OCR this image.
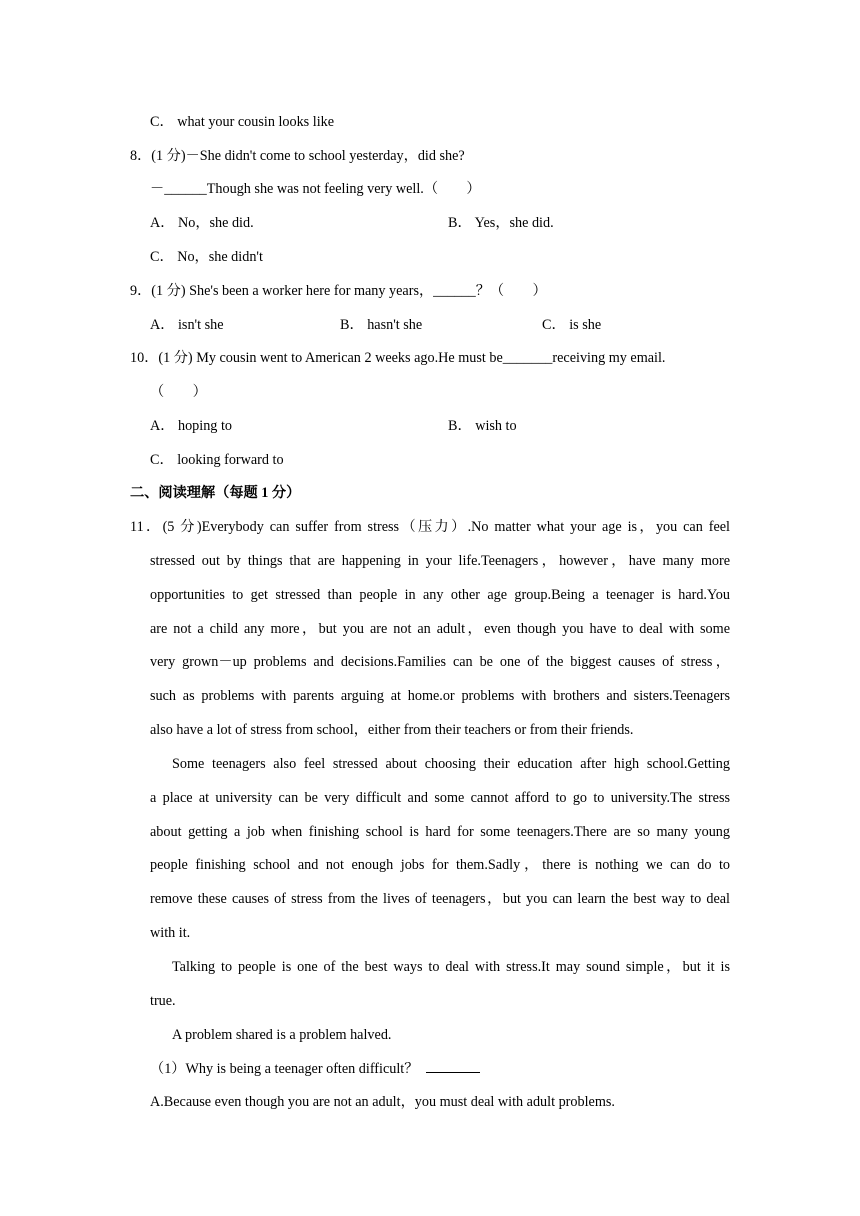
C． what your cousin looks like
8．(1 分)－She didn't come to school yesterday，did she?
－______Though she was not feeling very well.（　　）
A． No，she did.	B． Yes，she did.
C． No，she didn't
9．(1 分) She's been a worker here for many years，______？（　　）
A． isn't she	B． hasn't she	C． is she
10．(1 分) My cousin went to American 2 weeks ago.He must be_______receiving my email.
（　　）
A． hoping to	B． wish to
C． looking forward to
二、阅读理解（每题 1 分）
11．(5 分)Everybody can suffer from stress（压力）.No matter what your age is，you can feel
stressed out by things that are happening in your life.Teenagers，however，have many more
opportunities to get stressed than people in any other age group.Being a teenager is hard.You
are not a child any more，but you are not an adult，even though you have to deal with some
very grown－up problems and decisions.Families can be one of the biggest causes of stress，
such as problems with parents arguing at home.or problems with brothers and sisters.Teenagers
also have a lot of stress from school，either from their teachers or from their friends.
Some teenagers also feel stressed about choosing their education after high school.Getting
a place at university can be very difficult and some cannot afford to go to university.The stress
about getting a job when finishing school is hard for some teenagers.There are so many young
people finishing school and not enough jobs for them.Sadly，there is nothing we can do to
remove these causes of stress from the lives of teenagers，but you can learn the best way to deal
with it.
Talking to people is one of the best ways to deal with stress.It may sound simple，but it is
true.
A problem shared is a problem halved.
（1）Why is being a teenager often difficult？
A.Because even though you are not an adult，you must deal with adult problems.
